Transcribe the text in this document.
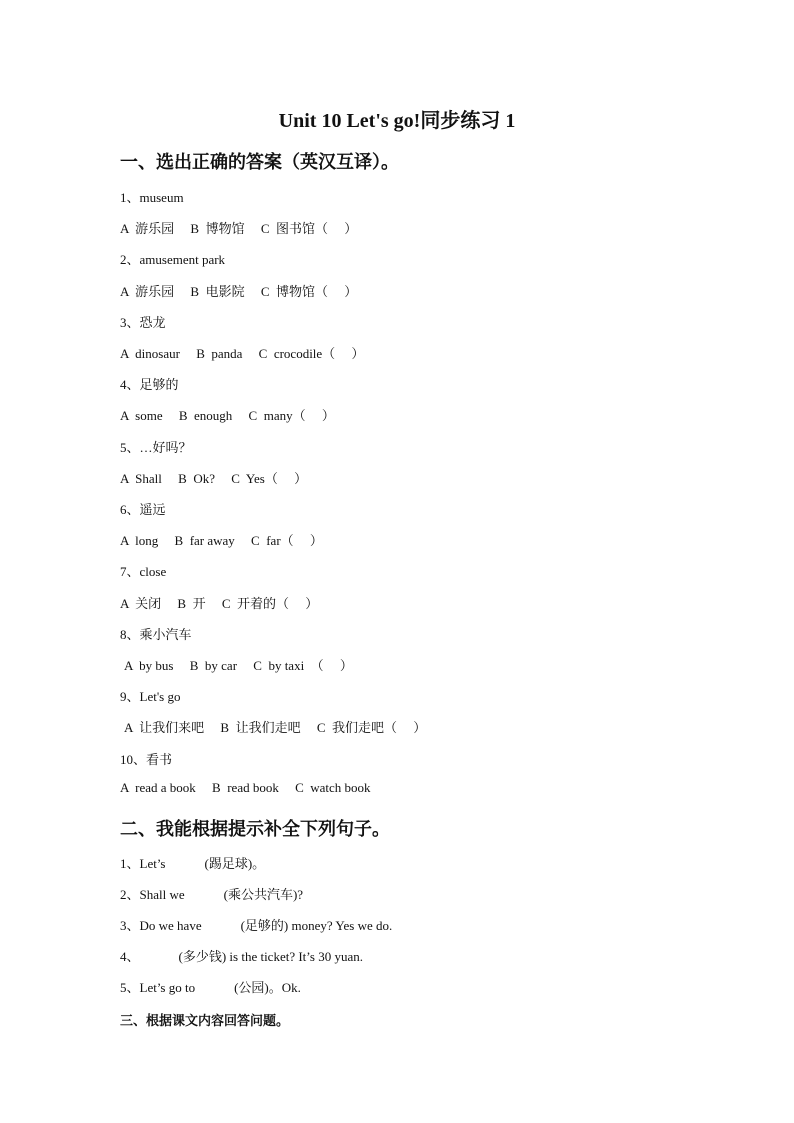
Unit 10 Let's go!同步练习 1
一、选出正确的答案（英汉互译）。
1、museum
A  游乐园     B  博物馆     C  图书馆（     ）
2、amusement park
A  游乐园     B  电影院     C  博物馆（     ）
3、恐龙
A  dinosaur     B  panda     C  crocodile（     ）
4、足够的
A  some     B  enough     C  many（     ）
5、…好吗？
A  Shall     B  Ok?     C  Yes（     ）
6、遥远
A  long     B  far away     C  far（     ）
7、close
A  关闭     B  开     C  开着的（     ）
8、乘小汽车
A  by bus     B  by car     C  by taxi  （     ）
9、Let's go
A  让我们来吧     B  让我们走吧     C  我们走吧（     ）
10、看书
A  read a book     B  read book     C  watch book
二、我能根据提示补全下列句子。
1、Let’s            (踢足球)。
2、Shall we            (乘公共汽车)?
3、Do we have            (足够的) money? Yes we do.
4、            (多少钱) is the ticket? It’s 30 yuan.
5、Let’s go to            (公园)。Ok.
三、根据课文内容回答问题。
